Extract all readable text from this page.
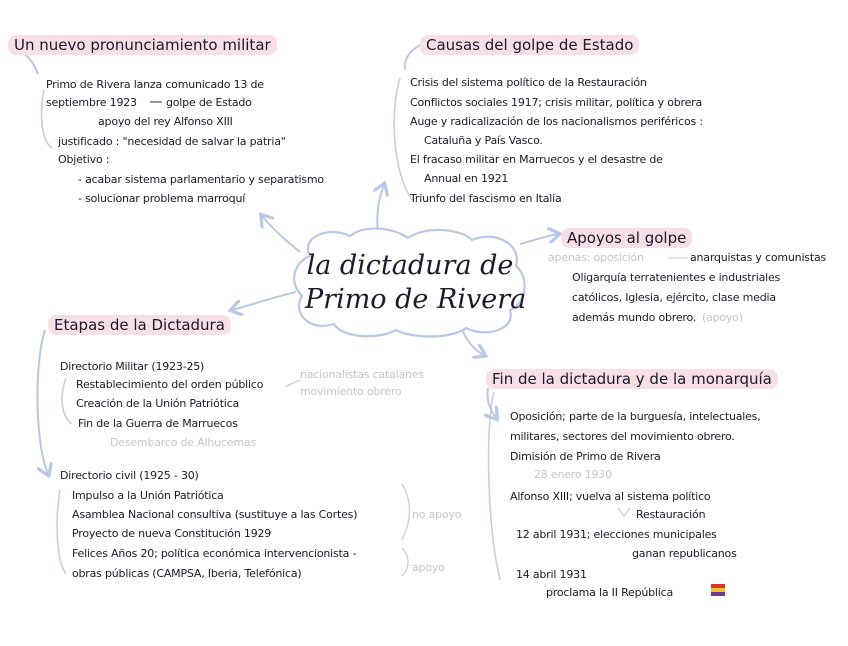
la dictadura de
Primo de Rivera
Un nuevo pronunciamiento militar
Primo de Rivera lanza comunicado 13 de
septiembre 1923	golpe de Estado
apoyo del rey Alfonso XIII
justificado : "necesidad de salvar la patria"
Objetivo :
- acabar sistema parlamentario y separatismo
- solucionar problema marroquí
Causas del golpe de Estado
Crisis del sistema político de la Restauración
Conflictos sociales 1917; crisis militar, política y obrera
Auge y radicalización de los nacionalismos periféricos :
Cataluña y País Vasco.
El fracaso militar en Marruecos y el desastre de
Annual en 1921
Triunfo del fascismo en Italia
Apoyos al golpe
apenas: oposición	anarquistas y comunistas
Oligarquía terratenientes e industriales
católicos, Iglesia, ejército, clase media
además mundo obrero. (apoyo)
Etapas de la Dictadura
Directorio Militar (1923-25)
Restablecimiento del orden público
Creación de la Unión Patriótica
Fin de la Guerra de Marruecos
Desembarco de Alhucemas
nacionalistas catalanes
movimiento obrero
Directorio civil (1925 - 30)
Impulso a la Unión Patriótica
Asamblea Nacional consultiva (sustituye a las Cortes)
Proyecto de nueva Constitución 1929
Felices Años 20; política económica intervencionista -
obras públicas (CAMPSA, Iberia, Telefónica)
no apoyo
apoyo
Fin de la dictadura y de la monarquía
Oposición; parte de la burguesía, intelectuales,
militares, sectores del movimiento obrero.
Dimisión de Primo de Rivera
28 enero 1930
Alfonso XIII; vuelva al sistema político
Restauración
12 abril 1931; elecciones municipales
ganan republicanos
14 abril 1931
proclama la II República
